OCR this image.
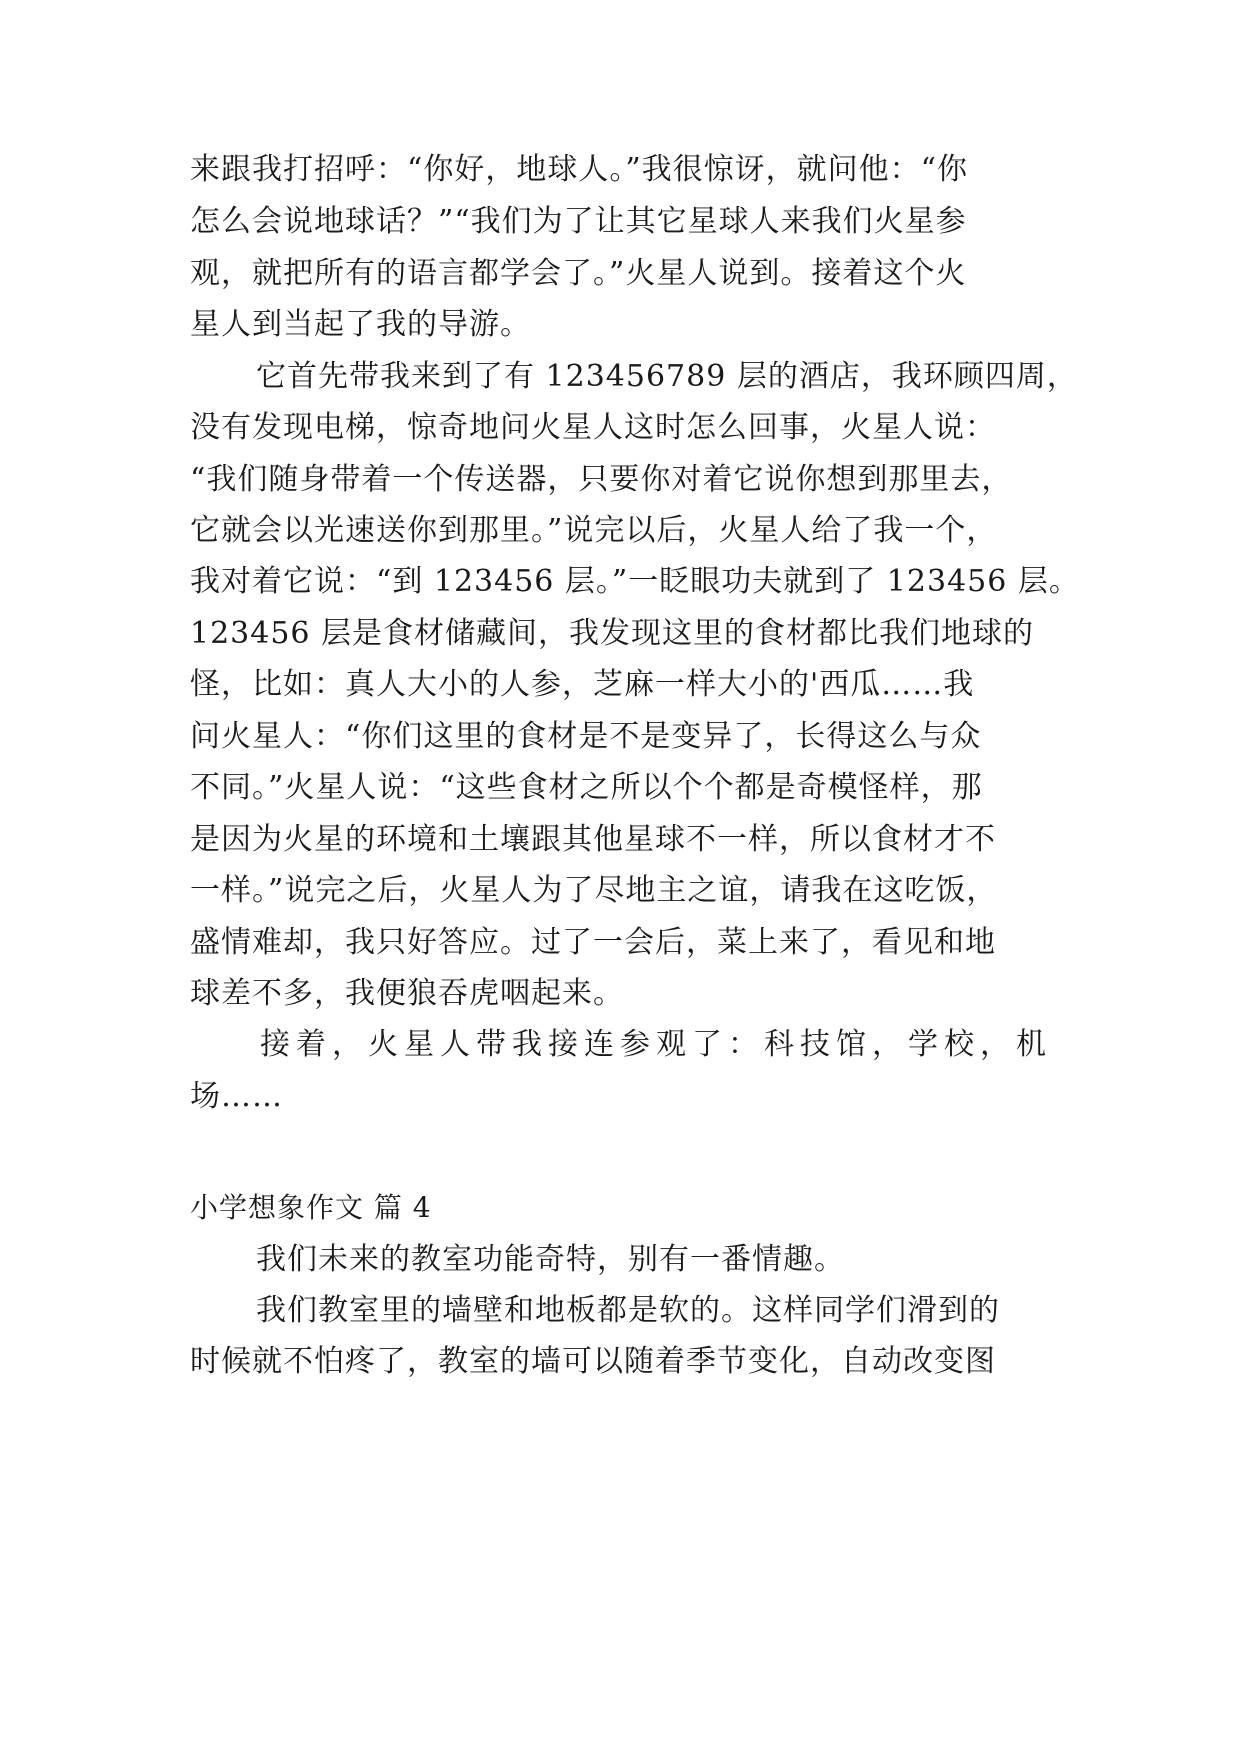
来跟我打招呼：“你好，地球人。”我很惊讶，就问他：“你
怎么会说地球话？”“我们为了让其它星球人来我们火星参
观，就把所有的语言都学会了。”火星人说到。接着这个火
星人到当起了我的导游。
它首先带我来到了有 123456789 层的酒店，我环顾四周，
没有发现电梯，惊奇地问火星人这时怎么回事，火星人说：
“我们随身带着一个传送器，只要你对着它说你想到那里去，
它就会以光速送你到那里。”说完以后，火星人给了我一个，
我对着它说：“到 123456 层。”一眨眼功夫就到了 123456 层。
123456 层是食材储藏间，我发现这里的食材都比我们地球的
怪，比如：真人大小的人参，芝麻一样大小的'西瓜……我
问火星人：“你们这里的食材是不是变异了，长得这么与众
不同。”火星人说：“这些食材之所以个个都是奇模怪样，那
是因为火星的环境和土壤跟其他星球不一样，所以食材才不
一样。”说完之后，火星人为了尽地主之谊，请我在这吃饭，
盛情难却，我只好答应。过了一会后，菜上来了，看见和地
球差不多，我便狼吞虎咽起来。
接着，火星人带我接连参观了：科技馆，学校，机
场……
小学想象作文 篇 4
我们未来的教室功能奇特，别有一番情趣。
我们教室里的墙壁和地板都是软的。这样同学们滑到的
时候就不怕疼了，教室的墙可以随着季节变化，自动改变图
